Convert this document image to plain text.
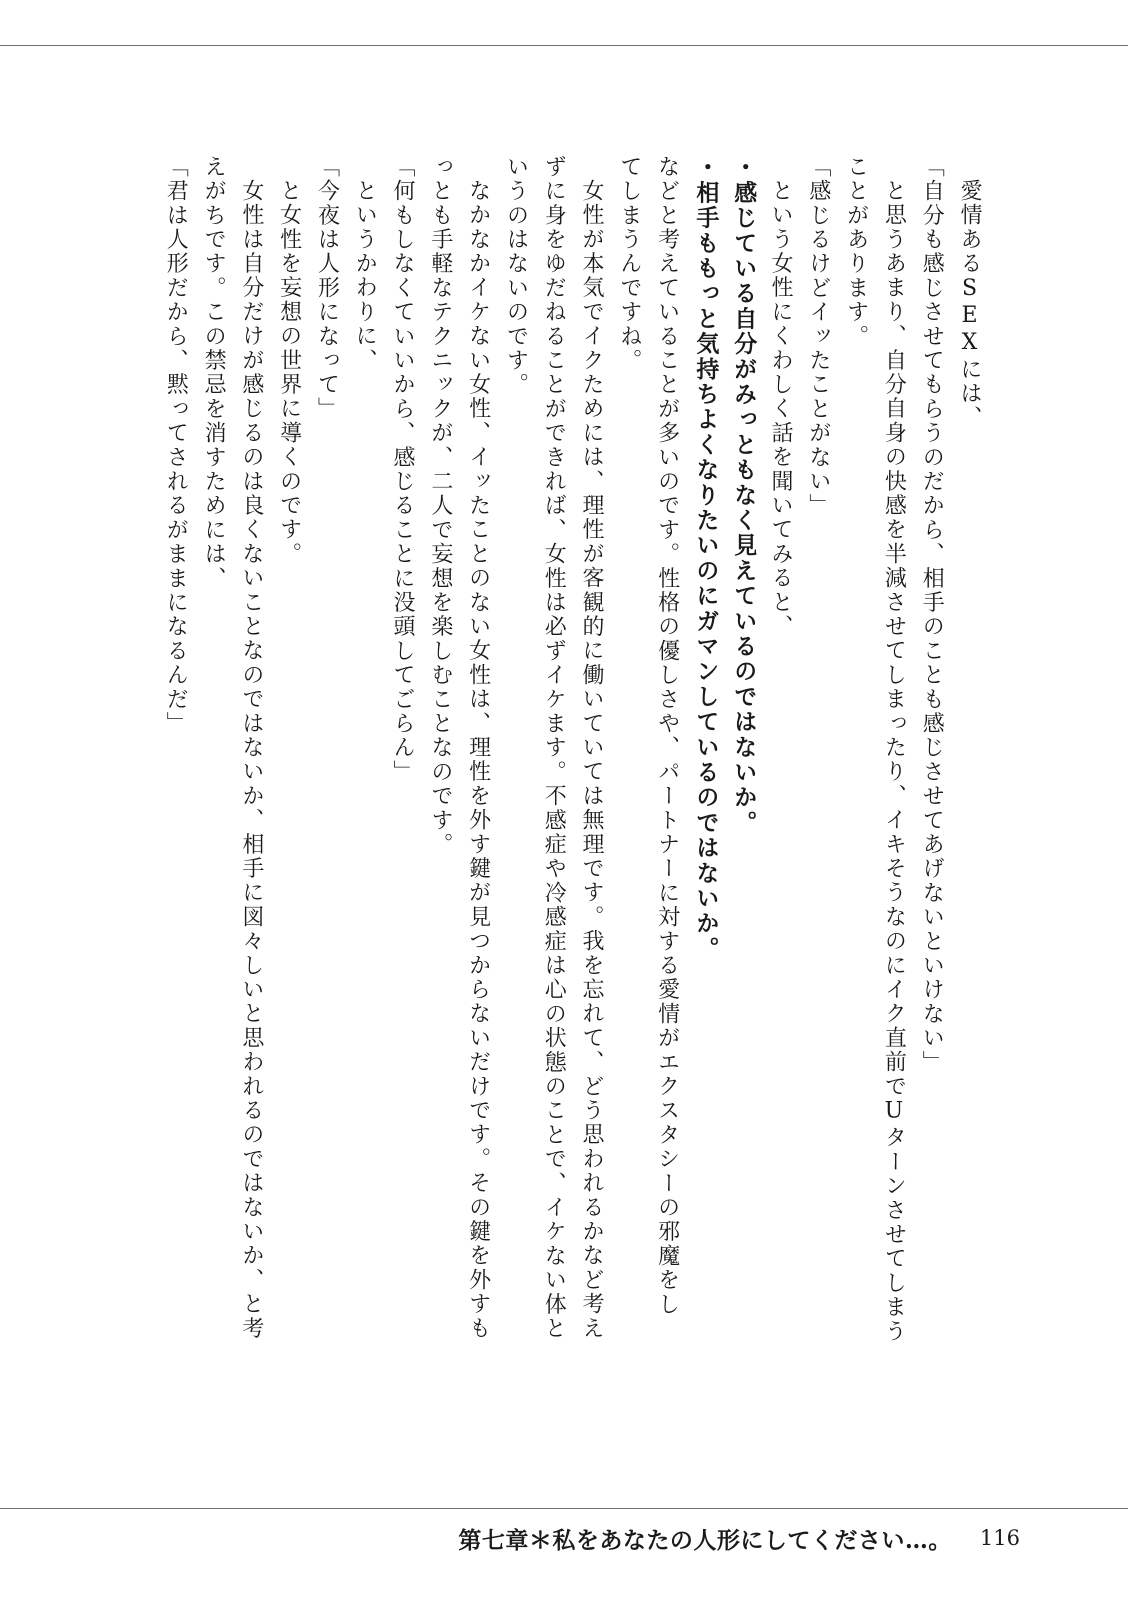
愛情あるSEXには、
「自分も感じさせてもらうのだから、相手のことも感じさせてあげないといけない」
と思うあまり、自分自身の快感を半減させてしまったり、イキそうなのにイク直前でUターンさせてしまう
ことがあります。
「感じるけどイッたことがない」
という女性にくわしく話を聞いてみると、
・感じている自分がみっともなく見えているのではないか。
・相手ももっと気持ちよくなりたいのにガマンしているのではないか。
などと考えていることが多いのです。性格の優しさや、パートナーに対する愛情がエクスタシーの邪魔をし
てしまうんですね。
女性が本気でイクためには、理性が客観的に働いていては無理です。我を忘れて、どう思われるかなど考え
ずに身をゆだねることができれば、女性は必ずイケます。不感症や冷感症は心の状態のことで、イケない体と
いうのはないのです。
なかなかイケない女性、イッたことのない女性は、理性を外す鍵が見つからないだけです。その鍵を外すも
っとも手軽なテクニックが、二人で妄想を楽しむことなのです。
「何もしなくていいから、感じることに没頭してごらん」
というかわりに、
「今夜は人形になって」
と女性を妄想の世界に導くのです。
女性は自分だけが感じるのは良くないことなのではないか、相手に図々しいと思われるのではないか、と考
えがちです。この禁忌を消すためには、
「君は人形だから、黙ってされるがままになるんだ」
第七章＊私をあなたの人形にしてください…。 116
